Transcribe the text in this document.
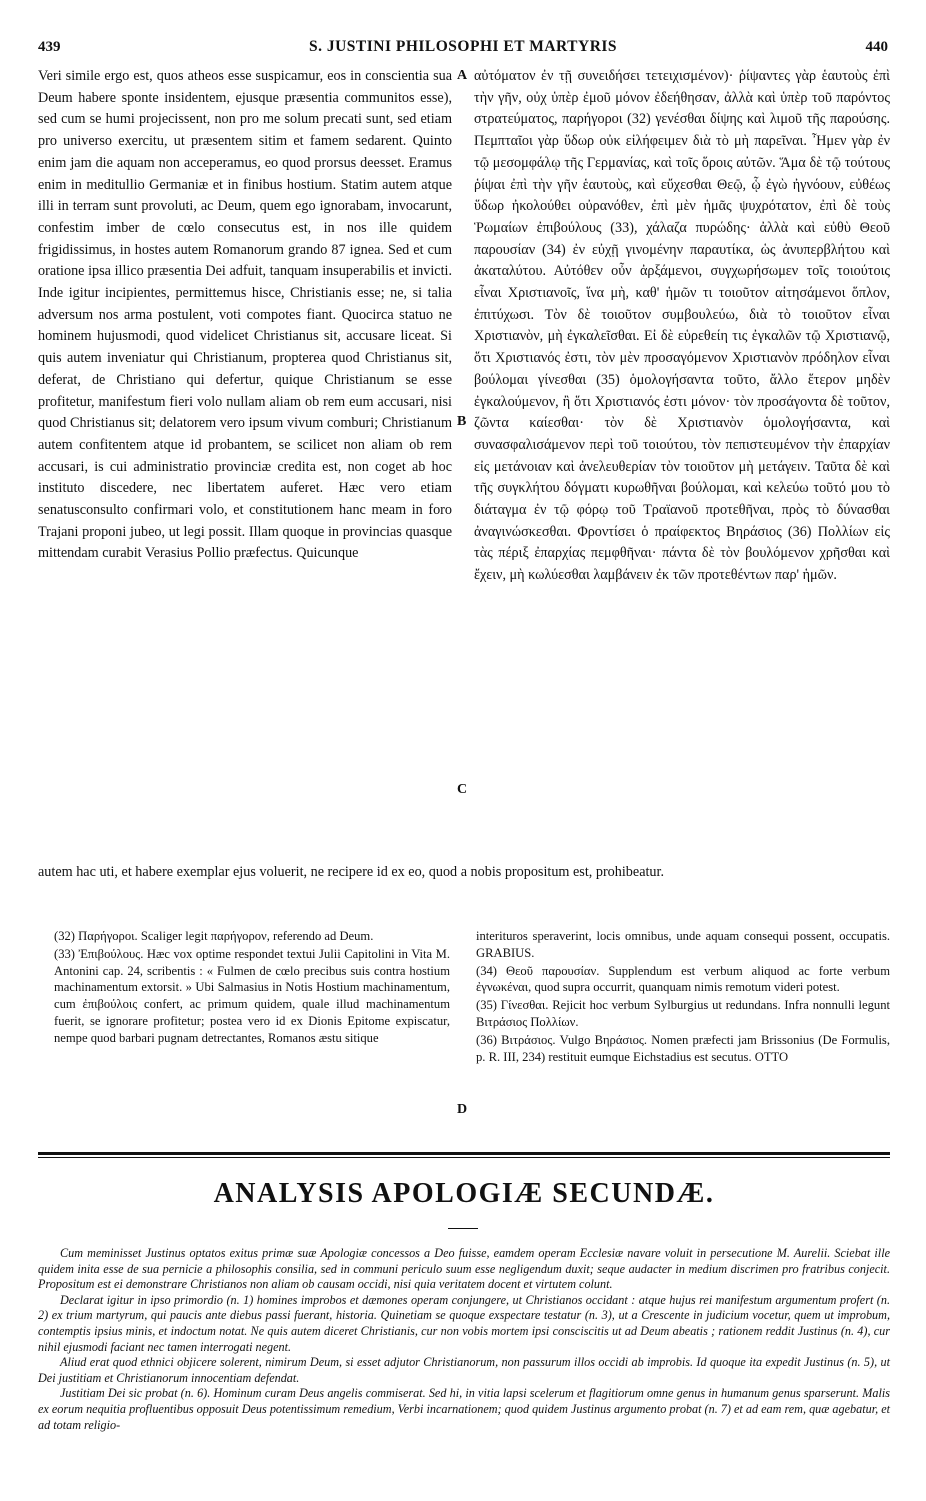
439	S. JUSTINI PHILOSOPHI ET MARTYRIS	440

Veri simile ergo est, quos atheos esse suspicamur, eos in conscientia sua Deum habere sponte insidentem, ejusque præsentia communitos esse), sed cum se humi projecissent, non pro me solum precati sunt, sed etiam pro universo exercitu, ut præsentem sitim et famem sedarent. Quinto enim jam die aquam non acceperamus, eo quod prorsus deesset. Eramus enim in meditullio Germaniæ et in finibus hostium. Statim autem atque illi in terram sunt provoluti, ac Deum, quem ego ignorabam, invocarunt, confestim imber de cœlo consecutus est, in nos ille quidem frigidissimus, in hostes autem Romanorum grando 87 ignea. Sed et cum oratione ipsa illico præsentia Dei adfuit, tanquam insuperabilis et invicti. Inde igitur incipientes, permittemus hisce, Christianis esse; ne, si talia adversum nos arma postulent, voti compotes fiant. Quocirca statuo ne hominem hujusmodi, quod videlicet Christianus sit, accusare liceat. Si quis autem inveniatur qui Christianum, propterea quod Christianus sit, deferat, de Christiano qui defertur, quique Christianum se esse profitetur, manifestum fieri volo nullam aliam ob rem eum accusari, nisi quod Christianus sit; delatorem vero ipsum vivum comburi; Christianum autem confitentem atque id probantem, se scilicet non aliam ob rem accusari, is cui administratio provinciæ credita est, non coget ab hoc instituto discedere, nec libertatem auferet. Hæc vero etiam senatusconsulto confirmari volo, et constitutionem hanc meam in foro Trajani proponi jubeo, ut legi possit. Illam quoque in provincias quasque mittendam curabit Verasius Pollio præfectus. Quicunque

αὐτόματον ἐν τῇ συνειδήσει τετειχισμένον)· ῥίψαντες γὰρ ἑαυτοὺς ἐπὶ τὴν γῆν, οὐχ ὑπὲρ ἐμοῦ μόνον ἐδεήθησαν, ἀλλὰ καὶ ὑπὲρ τοῦ παρόντος στρατεύματος, παρήγοροι (32) γενέσθαι δίψης καὶ λιμοῦ τῆς παρούσης. Πεμπταῖοι γὰρ ὕδωρ οὐκ εἰλήφειμεν διὰ τὸ μὴ παρεῖναι. Ἦμεν γὰρ ἐν τῷ μεσομφάλῳ τῆς Γερμανίας, καὶ τοῖς ὅροις αὐτῶν. Ἅμα δὲ τῷ τούτους ῥίψαι ἐπὶ τὴν γῆν ἑαυτοὺς, καὶ εὔχεσθαι Θεῷ, ᾧ ἐγὼ ἠγνόουν, εὐθέως ὕδωρ ἠκολούθει οὐρανόθεν, ἐπὶ μὲν ἡμᾶς ψυχρότατον, ἐπὶ δὲ τοὺς Ῥωμαίων ἐπιβούλους (33), χάλαζα πυρώδης· ἀλλὰ καὶ εὐθὺ Θεοῦ παρουσίαν (34) ἐν εὐχῇ γινομένην παραυτίκα, ὡς ἀνυπερβλήτου καὶ ἀκαταλύτου. Αὐτόθεν οὖν ἀρξάμενοι, συγχωρήσωμεν τοῖς τοιούτοις εἶναι Χριστιανοῖς, ἵνα μὴ, καθ' ἡμῶν τι τοιοῦτον αἰτησάμενοι ὅπλον, ἐπιτύχωσι. Τὸν δὲ τοιοῦτον συμβουλεύω, διὰ τὸ τοιοῦτον εἶναι Χριστιανὸν, μὴ ἐγκαλεῖσθαι. Εἰ δὲ εὑρεθείη τις ἐγκαλῶν τῷ Χριστιανῷ, ὅτι Χριστιανός ἐστι, τὸν μὲν προσαγόμενον Χριστιανὸν πρόδηλον εἶναι βούλομαι γίνεσθαι (35) ὁμολογήσαντα τοῦτο, ἄλλο ἕτερον μηδὲν ἐγκαλούμενον, ἢ ὅτι Χριστιανός ἐστι μόνον· τὸν προσάγοντα δὲ τοῦτον, ζῶντα καίεσθαι· τὸν δὲ Χριστιανὸν ὁμολογήσαντα, καὶ συνασφαλισάμενον περὶ τοῦ τοιούτου, τὸν πεπιστευμένον τὴν ἐπαρχίαν εἰς μετάνοιαν καὶ ἀνελευθερίαν τὸν τοιοῦτον μὴ μετάγειν. Ταῦτα δὲ καὶ τῆς συγκλήτου δόγματι κυρωθῆναι βούλομαι, καὶ κελεύω τοῦτό μου τὸ διάταγμα ἐν τῷ φόρῳ τοῦ Τραϊανοῦ προτεθῆναι, πρὸς τὸ δύνασθαι ἀναγινώσκεσθαι. Φροντίσει ὁ πραίφεκτος Βηράσιος (36) Πολλίων εἰς τὰς πέριξ ἐπαρχίας πεμφθῆναι· πάντα δὲ τὸν βουλόμενον χρῆσθαι καὶ ἔχειν, μὴ κωλύεσθαι λαμβάνειν ἐκ τῶν προτεθέντων παρ' ἡμῶν.

A
B
C
D
autem hac uti, et habere exemplar ejus voluerit, ne recipere id ex eo, quod a nobis propositum est, prohibeatur.

(32) Παρήγοροι. Scaliger legit παρήγορον, referendo ad Deum.

(33) Ἐπιβούλους. Hæc vox optime respondet textui Julii Capitolini in Vita M. Antonini cap. 24, scribentis : « Fulmen de cœlo precibus suis contra hostium machinamentum extorsit. » Ubi Salmasius in Notis Hostium machinamentum, cum ἐπιβούλοις confert, ac primum quidem, quale illud machinamentum fuerit, se ignorare profitetur; postea vero id ex Dionis Epitome expiscatur, nempe quod barbari pugnam detrectantes, Romanos æstu sitique

interituros speraverint, locis omnibus, unde aquam consequi possent, occupatis. GRABIUS.

(34) Θεοῦ παρουσίαν. Supplendum est verbum aliquod ac forte verbum ἐγνωκέναι, quod supra occurrit, quanquam nimis remotum videri potest.

(35) Γίνεσθαι. Rejicit hoc verbum Sylburgius ut redundans. Infra nonnulli legunt Βιτράσιος Πολλίων.

(36) Βιτράσιος. Vulgo Βηράσιος. Nomen præfecti jam Brissonius (De Formulis, p. R. III, 234) restituit eumque Eichstadius est secutus. OTTO

ANALYSIS APOLOGIÆ SECUNDÆ.

Cum meminisset Justinus optatos exitus primæ suæ Apologiæ concessos a Deo fuisse, eamdem operam Ecclesiæ navare voluit in persecutione M. Aurelii. Sciebat ille quidem inita esse de sua pernicie a philosophis consilia, sed in communi periculo suum esse negligendum duxit; seque audacter in medium discrimen pro fratribus conjecit. Propositum est ei demonstrare Christianos non aliam ob causam occidi, nisi quia veritatem docent et virtutem colunt.

Declarat igitur in ipso primordio (n. 1) homines improbos et dæmones operam conjungere, ut Christianos occidant : atque hujus rei manifestum argumentum profert (n. 2) ex trium martyrum, qui paucis ante diebus passi fuerant, historia. Quinetiam se quoque exspectare testatur (n. 3), ut a Crescente in judicium vocetur, quem ut improbum, contemptis ipsius minis, et indoctum notat. Ne quis autem diceret Christianis, cur non vobis mortem ipsi consciscitis ut ad Deum abeatis ; rationem reddit Justinus (n. 4), cur nihil ejusmodi faciant nec tamen interrogati negent.

Aliud erat quod ethnici objicere solerent, nimirum Deum, si esset adjutor Christianorum, non passurum illos occidi ab improbis. Id quoque ita expedit Justinus (n. 5), ut Dei justitiam et Christianorum innocentiam defendat.

Justitiam Dei sic probat (n. 6). Hominum curam Deus angelis commiserat. Sed hi, in vitia lapsi scelerum et flagitiorum omne genus in humanum genus sparserunt. Malis ex eorum nequitia profluentibus opposuit Deus potentissimum remedium, Verbi incarnationem; quod quidem Justinus argumento probat (n. 7) et ad eam rem, quæ agebatur, et ad totam religio-
